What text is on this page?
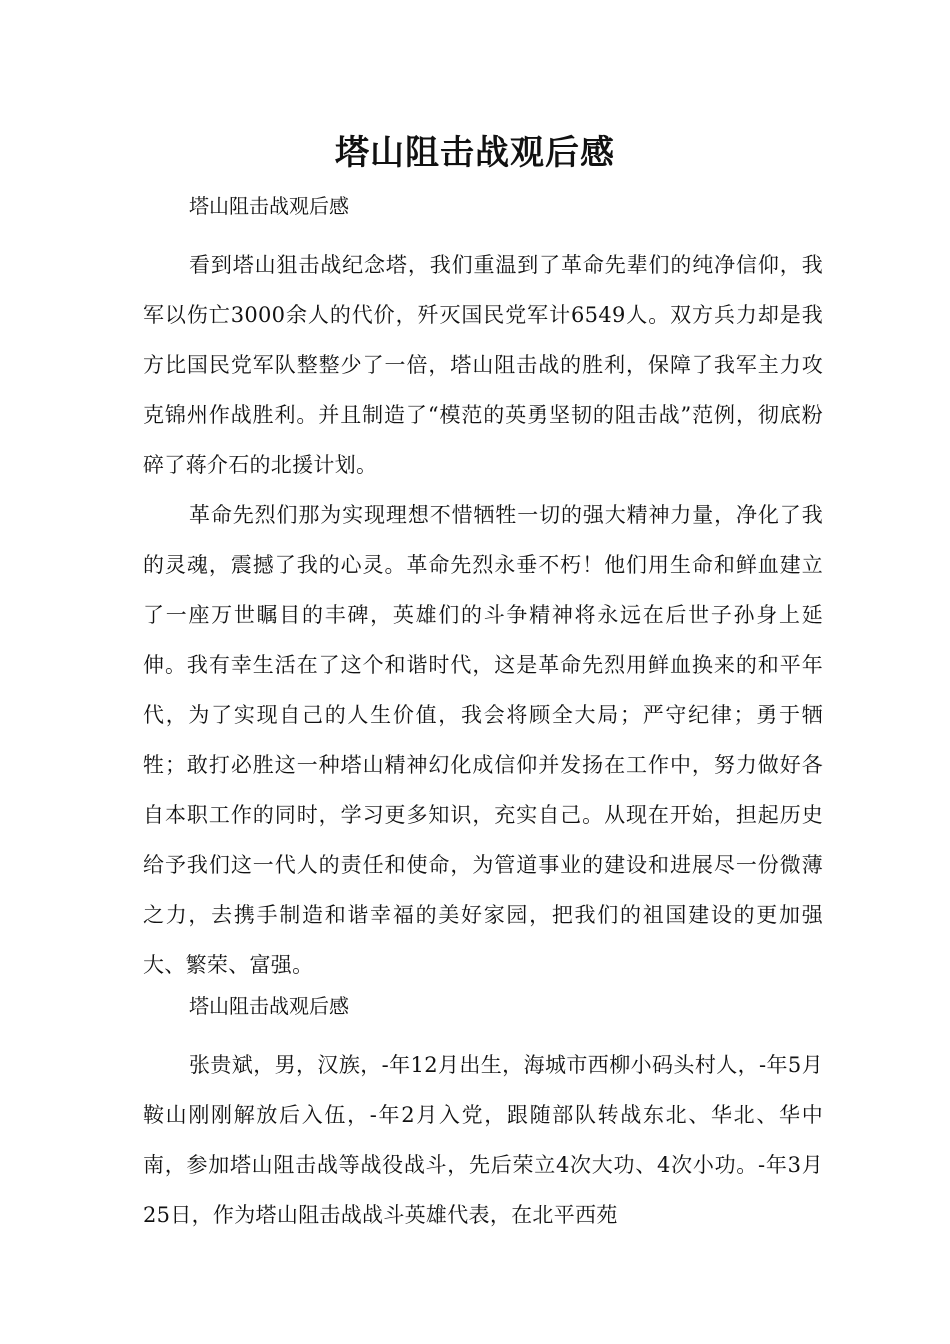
塔山阻击战观后感

塔山阻击战观后感

看到塔山狙击战纪念塔，我们重温到了革命先辈们的纯净信仰，我军以伤亡3000余人的代价，歼灭国民党军计6549人。双方兵力却是我方比国民党军队整整少了一倍，塔山阻击战的胜利，保障了我军主力攻克锦州作战胜利。并且制造了“模范的英勇坚韧的阻击战”范例，彻底粉碎了蒋介石的北援计划。

革命先烈们那为实现理想不惜牺牲一切的强大精神力量，净化了我的灵魂，震撼了我的心灵。革命先烈永垂不朽！他们用生命和鲜血建立了一座万世瞩目的丰碑，英雄们的斗争精神将永远在后世子孙身上延伸。我有幸生活在了这个和谐时代，这是革命先烈用鲜血换来的和平年代，为了实现自己的人生价值，我会将顾全大局；严守纪律；勇于牺牲；敢打必胜这一种塔山精神幻化成信仰并发扬在工作中，努力做好各自本职工作的同时，学习更多知识，充实自己。从现在开始，担起历史给予我们这一代人的责任和使命，为管道事业的建设和进展尽一份微薄之力，去携手制造和谐幸福的美好家园，把我们的祖国建设的更加强大、繁荣、富强。

塔山阻击战观后感

张贵斌，男，汉族，-年12月出生，海城市西柳小码头村人，-年5月鞍山刚刚解放后入伍，-年2月入党，跟随部队转战东北、华北、华中南，参加塔山阻击战等战役战斗，先后荣立4次大功、4次小功。-年3月25日，作为塔山阻击战战斗英雄代表，在北平西苑
